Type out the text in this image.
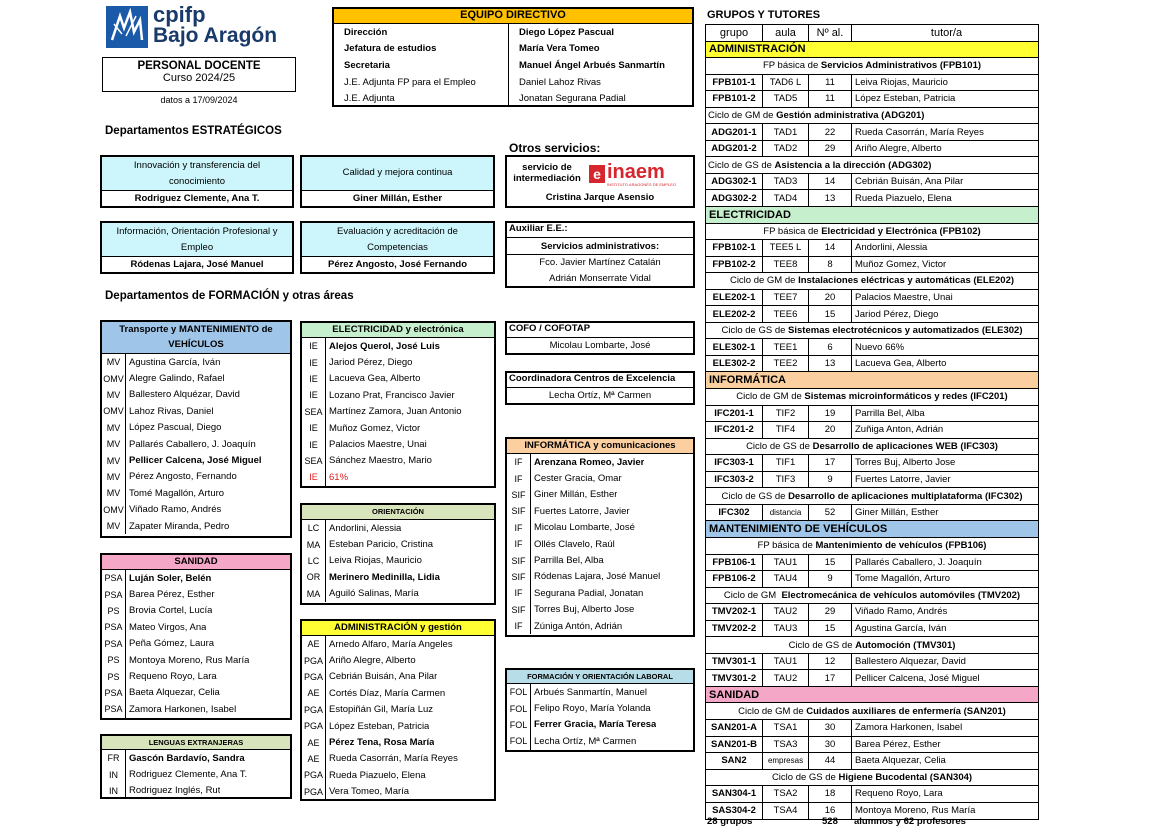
cpifp
Bajo Aragón
PERSONAL DOCENTE
Curso 2024/25
datos a 17/09/2024
EQUIPO DIRECTIVO
Dirección	Diego López Pascual
Jefatura de estudios	María Vera Tomeo
Secretaria	Manuel Ángel Arbués Sanmartín
J.E. Adjunta FP para el Empleo	Daniel Lahoz Rivas
J.E. Adjunta	Jonatan Segurana Padial
Departamentos ESTRATÉGICOS
Innovación y transferencia del conocimiento
Rodriguez Clemente, Ana T.
Calidad y mejora continua
Giner Millán, Esther
Información, Orientación Profesional y Empleo
Ródenas Lajara, José Manuel
Evaluación y acreditación de Competencias
Pérez Angosto, José Fernando
Otros servicios:
servicio de intermediación e inaem
INSTITUTO ARAGONÉS DE EMPLEO
Cristina Jarque Asensio
Auxiliar E.E.:
Servicios administrativos:
Fco. Javier Martínez Catalán
Adrián Monserrate Vidal
COFO / COFOTAP
Micolau Lombarte, José
Coordinadora Centros de Excelencia
Lecha Ortíz, Mª Carmen
Departamentos de FORMACIÓN y otras áreas
Transporte y MANTENIMIENTO de VEHÍCULOS
MV Agustina García, Iván
OMV Alegre Galindo, Rafael
MV Ballestero Alquézar, David
OMV Lahoz Rivas, Daniel
MV López Pascual, Diego
MV Pallarés Caballero, J. Joaquín
MV Pellicer Calcena, José Miguel
MV Pérez Angosto, Fernando
MV Tomé Magallón, Arturo
OMV Viñado Ramo, Andrés
MV Zapater Miranda, Pedro
SANIDAD
PSA Luján Soler, Belén
PSA Barea Pérez, Esther
PS	Brovia Cortel, Lucía
PSA Mateo Virgos, Ana
PSA Peña Gómez, Laura
PS	Montoya Moreno, Rus María
PS	Requeno Royo, Lara
PSA Baeta Alquezar, Celia
PSA Zamora Harkonen, Isabel
LENGUAS EXTRANJERAS
FR	Gascón Bardavío, Sandra
IN	Rodriguez Clemente, Ana T.
IN	Rodriguez Inglés, Rut
ELECTRICIDAD y electrónica
IE	Alejos Querol, José Luis
IE	Jariod Pérez, Diego
IE	Lacueva Gea, Alberto
IE	Lozano Prat, Francisco Javier
SEA Martínez Zamora, Juan Antonio
IE	Muñoz Gomez, Victor
IE	Palacios Maestre, Unai
SEA Sánchez Maestro, Mario
IE	61%
ORIENTACIÓN
LC	Andorlini, Alessia
MA Esteban Paricio, Cristina
LC	Leiva Riojas, Mauricio
OR Merinero Medinilla, Lidia
MA Aguiló Salinas, María
ADMINISTRACIÓN y gestión
AE	Arnedo Alfaro, María Angeles
PGA Ariño Alegre, Alberto
PGA Cebrián Buisán, Ana Pilar
AE	Cortés Díaz, María Carmen
PGA Estopiñán Gil, María Luz
PGA López Esteban, Patricia
AE	Pérez Tena, Rosa María
AE	Rueda Casorrán, María Reyes
PGA Rueda Piazuelo, Elena
PGA Vera Tomeo, María
INFORMÁTICA y comunicaciones
IF	Arenzana Romeo, Javier
IF	Cester Gracia, Omar
SIF Giner Millán, Esther
SIF Fuertes Latorre, Javier
IF	Micolau Lombarte, José
IF	Ollés Clavelo, Raúl
SIF Parrilla Bel, Alba
SIF Ródenas Lajara, José Manuel
IF	Segurana Padial, Jonatan
SIF Torres Buj, Alberto Jose
IF	Zúniga Antón, Adrián
FORMACIÓN Y ORIENTACIÓN LABORAL
FOL Arbués Sanmartín, Manuel
FOL Felipo Royo, María Yolanda
FOL Ferrer Gracia, María Teresa
FOL Lecha Ortíz, Mª Carmen
GRUPOS Y TUTORES
grupo	aula	Nº al.	tutor/a
ADMINISTRACIÓN
FP básica de Servicios Administrativos (FPB101)
FPB101-1	TAD6 L	11	Leiva Riojas, Mauricio
FPB101-2	TAD5	11	López Esteban, Patricia
Ciclo de GM de Gestión administrativa (ADG201)
ADG201-1	TAD1	22	Rueda Casorrán, María Reyes
ADG201-2	TAD2	29	Ariño Alegre, Alberto
Ciclo de GS de Asistencia a la dirección (ADG302)
ADG302-1	TAD3	14	Cebrián Buisán, Ana Pilar
ADG302-2	TAD4	13	Rueda Piazuelo, Elena
ELECTRICIDAD
FP básica de Electricidad y Electrónica (FPB102)
FPB102-1	TEE5 L	14	Andorlini, Alessia
FPB102-2	TEE8	8	Muñoz Gomez, Victor
Ciclo de GM de Instalaciones eléctricas y automáticas (ELE202)
ELE202-1	TEE7	20	Palacios Maestre, Unai
ELE202-2	TEE6	15	Jariod Pérez, Diego
Ciclo de GS de Sistemas electrotécnicos y automatizados (ELE302)
ELE302-1	TEE1	6	Nuevo 66%
ELE302-2	TEE2	13	Lacueva Gea, Alberto
INFORMÁTICA
Ciclo de GM de Sistemas microinformáticos y redes (IFC201)
IFC201-1	TIF2	19	Parrilla Bel, Alba
IFC201-2	TIF4	20	Zuñiga Anton, Adrián
Ciclo de GS de Desarrollo de aplicaciones WEB (IFC303)
IFC303-1	TIF1	17	Torres Buj, Alberto Jose
IFC303-2	TIF3	9	Fuertes Latorre, Javier
Ciclo de GS de Desarrollo de aplicaciones multiplataforma (IFC302)
IFC302	distancia	52	Giner Millán, Esther
MANTENIMIENTO DE VEHÍCULOS
FP básica de Mantenimiento de vehículos (FPB106)
FPB106-1	TAU1	15	Pallarés Caballero, J. Joaquín
FPB106-2	TAU4	9	Tome Magallón, Arturo
Ciclo de GM Electromecánica de vehículos automóviles (TMV202)
TMV202-1	TAU2	29	Viñado Ramo, Andrés
TMV202-2	TAU3	15	Agustina García, Iván
Ciclo de GS de Automoción (TMV301)
TMV301-1	TAU1	12	Ballestero Alquezar, David
TMV301-2	TAU2	17	Pellicer Calcena, José Miguel
SANIDAD
Ciclo de GM de Cuidados auxiliares de enfermería (SAN201)
SAN201-A	TSA1	30	Zamora Harkonen, Isabel
SAN201-B	TSA3	30	Barea Pérez, Esther
SAN2	empresas	44	Baeta Alquezar, Celia
Ciclo de GS de Higiene Bucodental (SAN304)
SAN304-1	TSA2	18	Requeno Royo, Lara
SAS304-2	TSA4	16	Montoya Moreno, Rus María
28 grupos	528 alumnos y 62 profesores
